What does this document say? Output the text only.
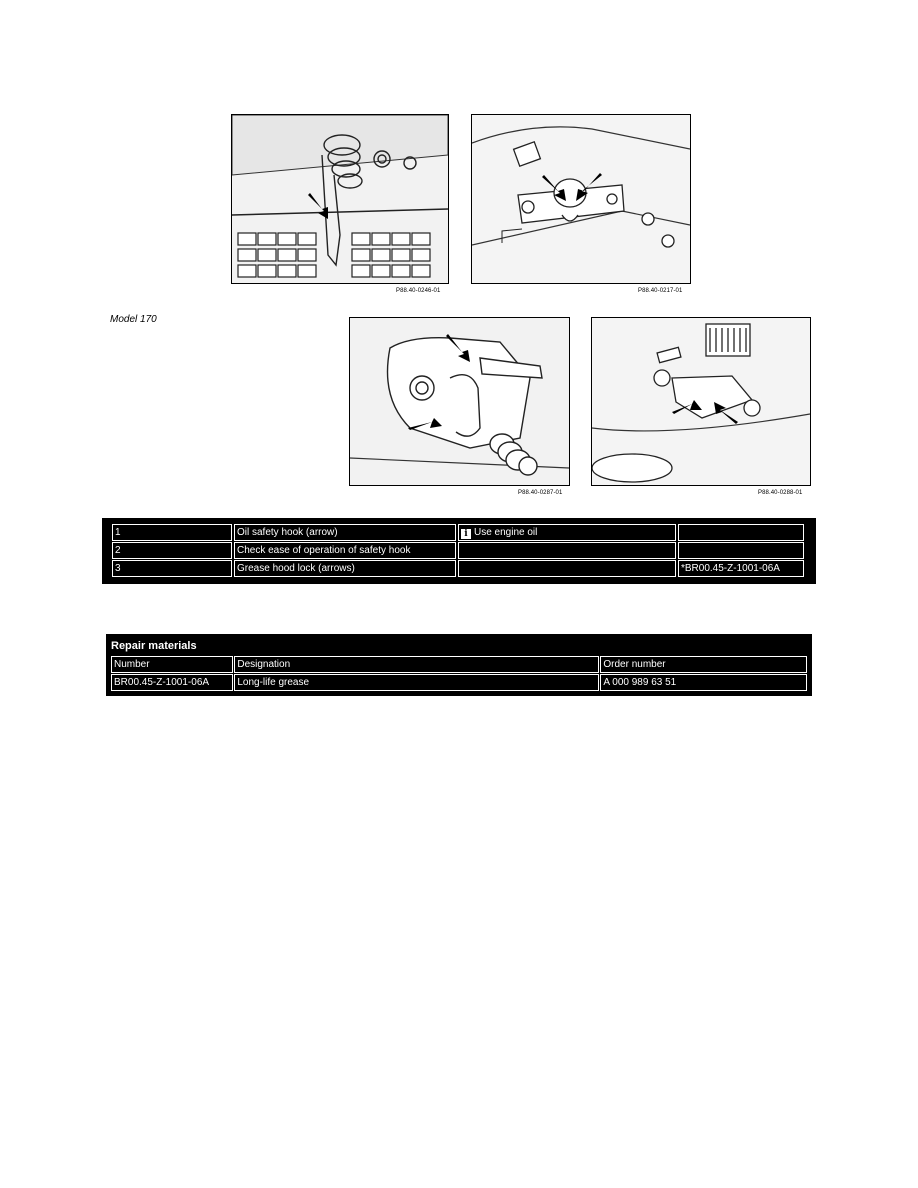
P88.40-0246-01	P88.40-0217-01
Model 170
P88.40-0287-01	P88.40-0288-01
1	Oil safety hook (arrow)	i Use engine oil	
2	Check ease of operation of safety hook		
3	Grease hood lock (arrows)		*BR00.45-Z-1001-06A
Repair materials
Number	Designation	Order number
BR00.45-Z-1001-06A	Long-life grease	A 000 989 63 51
